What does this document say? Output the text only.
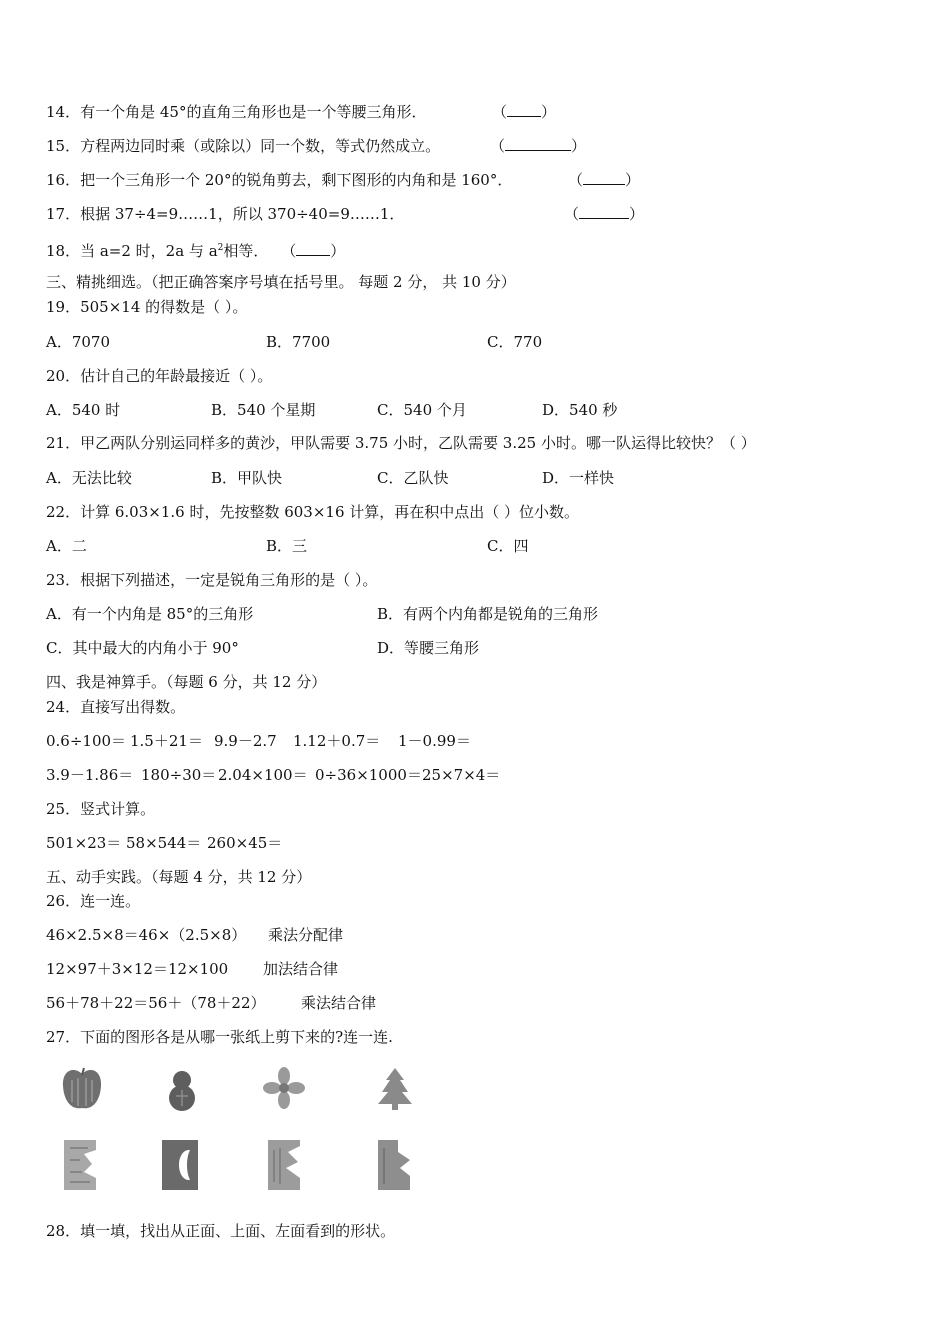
14．有一个角是 45°的直角三角形也是一个等腰三角形．	（ ）
15．方程两边同时乘（或除以）同一个数，等式仍然成立。	（	）
16．把一个三角形一个 20°的锐角剪去，剩下图形的内角和是 160°．	（	）
17．根据 37÷4=9……1，所以 370÷40=9……1．	（	）
18．当 a=2 时，2a 与 $a^2$相等． （ ）
三、精挑细选。（把正确答案序号填在括号里。 每题 2 分， 共 10 分）
19．505×14 的得数是（ ）。
A．7070	B．7700	C．770
20．估计自己的年龄最接近（ ）。
A．540 时	B．540 个星期	C．540 个月	D．540 秒
21．甲乙两队分别运同样多的黄沙，甲队需要 3.75 小时，乙队需要 3.25 小时。哪一队运得比较快？（ ）
A．无法比较	B．甲队快	C．乙队快	D．一样快
22．计算 6.03×1.6 时，先按整数 603×16 计算，再在积中点出（ ）位小数。
A．二	B．三	C．四
23．根据下列描述，一定是锐角三角形的是（ ）。
A．有一个内角是 85°的三角形	B．有两个内角都是锐角的三角形
C．其中最大的内角小于 90°	D．等腰三角形
四、我是神算手。（每题 6 分，共 12 分）
24．直接写出得数。
0.6÷100＝ 1.5＋21＝ 9.9－2.7 1.12＋0.7＝ 1－0.99＝
3.9－1.86＝ 180÷30＝ 2.04×100＝ 0÷36×1000＝ 25×7×4＝
25．竖式计算。
501×23＝ 58×544＝ 260×45＝
五、动手实践。（每题 4 分，共 12 分）
26．连一连。
46×2.5×8＝46×（2.5×8） 乘法分配律
12×97＋3×12＝12×100 加法结合律
56＋78＋22＝56＋（78＋22） 乘法结合律
27．下面的图形各是从哪一张纸上剪下来的?连一连.
28．填一填，找出从正面、上面、左面看到的形状。
